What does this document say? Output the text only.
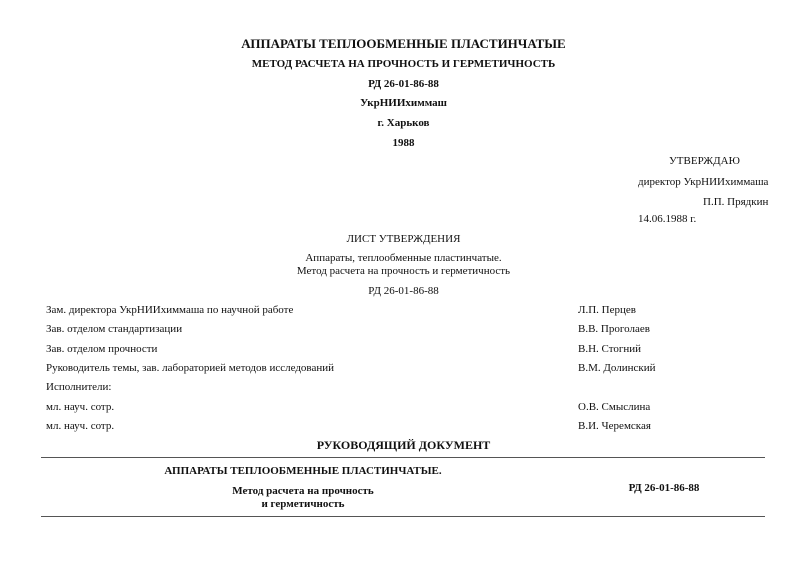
АППАРАТЫ ТЕПЛООБМЕННЫЕ ПЛАСТИНЧАТЫЕ
МЕТОД РАСЧЕТА НА ПРОЧНОСТЬ И ГЕРМЕТИЧНОСТЬ
РД 26-01-86-88
УкрНИИхиммаш
г. Харьков
1988
УТВЕРЖДАЮ
директор УкрНИИхиммаша
П.П. Прядкин
14.06.1988 г.
ЛИСТ УТВЕРЖДЕНИЯ
Аппараты, теплообменные пластинчатые.
Метод расчета на прочность и герметичность
РД 26-01-86-88
Зам. директора УкрНИИхиммаша по научной работе	Л.П. Перцев
Зав. отделом стандартизации	В.В. Проголаев
Зав. отделом прочности	В.Н. Стогний
Руководитель темы, зав. лабораторией методов исследований	В.М. Долинский
Исполнители:
мл. науч. сотр.	О.В. Смыслина
мл. науч. сотр.	В.И. Черемская
РУКОВОДЯЩИЙ ДОКУМЕНТ
АППАРАТЫ ТЕПЛООБМЕННЫЕ ПЛАСТИНЧАТЫЕ.
Метод расчета на прочность
и герметичность
РД 26-01-86-88
